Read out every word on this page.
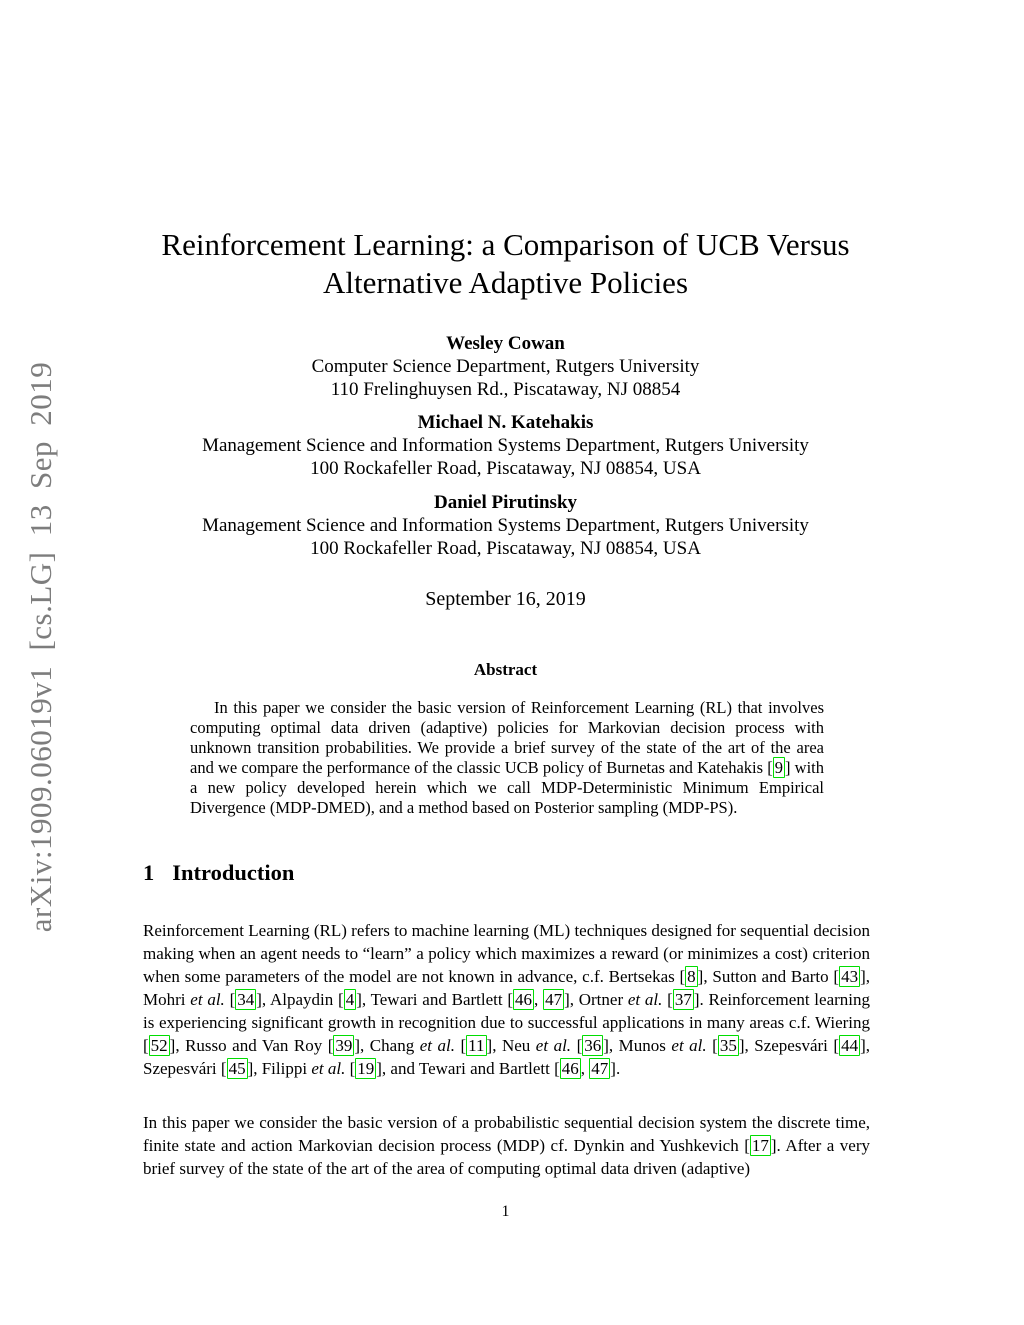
arXiv:1909.06019v1 [cs.LG] 13 Sep 2019
Reinforcement Learning: a Comparison of UCB Versus
Alternative Adaptive Policies
Wesley Cowan
Computer Science Department, Rutgers University
110 Frelinghuysen Rd., Piscataway, NJ 08854
Michael N. Katehakis
Management Science and Information Systems Department, Rutgers University
100 Rockafeller Road, Piscataway, NJ 08854, USA
Daniel Pirutinsky
Management Science and Information Systems Department, Rutgers University
100 Rockafeller Road, Piscataway, NJ 08854, USA
September 16, 2019
Abstract
In this paper we consider the basic version of Reinforcement Learning (RL) that involves computing optimal data driven (adaptive) policies for Markovian decision process with unknown transition probabilities. We provide a brief survey of the state of the art of the area and we compare the performance of the classic UCB policy of Burnetas and Katehakis [ 9 ] with a new policy developed herein which we call MDP-Deterministic Minimum Empirical Divergence (MDP-DMED), and a method based on Posterior sampling (MDP-PS).
1 Introduction

Reinforcement Learning (RL) refers to machine learning (ML) techniques designed for sequential decision making when an agent needs to “learn” a policy which maximizes a reward (or minimizes a cost) criterion when some parameters of the model are not known in advance, c.f. Bertsekas [ 8 ], Sutton and Barto [ 43 ], Mohri et al. [ 34 ], Alpaydin [ 4 ], Tewari and Bartlett [ 46 , 47 ], Ortner et al. [ 37 ]. Reinforcement learning is experiencing significant growth in recognition due to successful applications in many areas c.f. Wiering [ 52 ], Russo and Van Roy [ 39 ], Chang et al. [ 11 ], Neu et al. [ 36 ], Munos et al. [ 35 ], Szepesvári [ 44 ], Szepesvári [ 45 ], Filippi et al. [ 19 ], and Tewari and Bartlett [ 46 , 47 ].

In this paper we consider the basic version of a probabilistic sequential decision system the discrete time, finite state and action Markovian decision process (MDP) cf. Dynkin and Yushkevich [ 17 ]. After a very brief survey of the state of the art of the area of computing optimal data driven (adaptive)

1
